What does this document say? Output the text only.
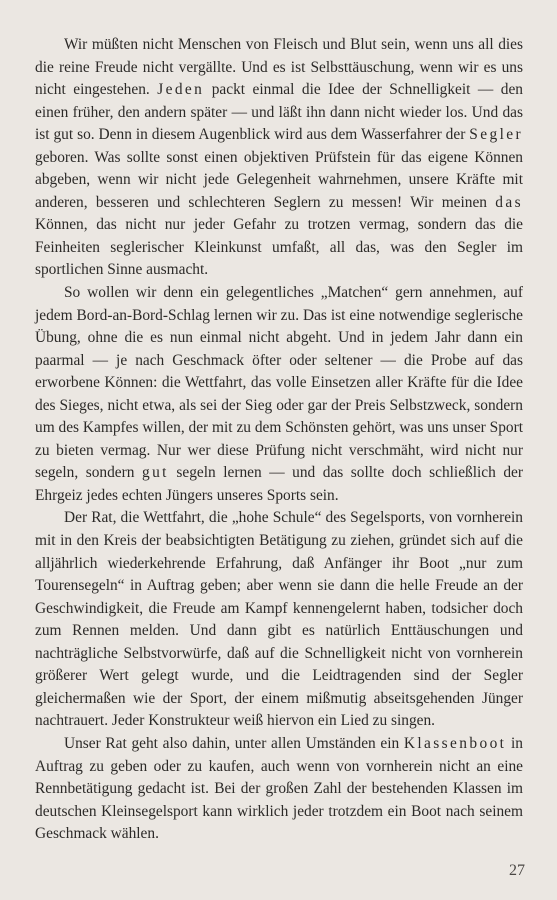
Wir müßten nicht Menschen von Fleisch und Blut sein, wenn uns all dies die reine Freude nicht vergällte. Und es ist Selbsttäuschung, wenn wir es uns nicht eingestehen. Jeden packt einmal die Idee der Schnelligkeit — den einen früher, den andern später — und läßt ihn dann nicht wieder los. Und das ist gut so. Denn in diesem Augenblick wird aus dem Wasserfahrer der Segler geboren. Was sollte sonst einen objektiven Prüfstein für das eigene Können abgeben, wenn wir nicht jede Gelegenheit wahrnehmen, unsere Kräfte mit anderen, besseren und schlechteren Seglern zu messen! Wir meinen das Können, das nicht nur jeder Gefahr zu trotzen vermag, sondern das die Feinheiten seglerischer Kleinkunst umfaßt, all das, was den Segler im sportlichen Sinne ausmacht.

So wollen wir denn ein gelegentliches „Matchen“ gern annehmen, auf jedem Bord-an-Bord-Schlag lernen wir zu. Das ist eine notwendige seglerische Übung, ohne die es nun einmal nicht abgeht. Und in jedem Jahr dann ein paarmal — je nach Geschmack öfter oder seltener — die Probe auf das erworbene Können: die Wettfahrt, das volle Einsetzen aller Kräfte für die Idee des Sieges, nicht etwa, als sei der Sieg oder gar der Preis Selbstzweck, sondern um des Kampfes willen, der mit zu dem Schönsten gehört, was uns unser Sport zu bieten vermag. Nur wer diese Prüfung nicht verschmäht, wird nicht nur segeln, sondern gut segeln lernen — und das sollte doch schließlich der Ehrgeiz jedes echten Jüngers unseres Sports sein.

Der Rat, die Wettfahrt, die „hohe Schule“ des Segelsports, von vornherein mit in den Kreis der beabsichtigten Betätigung zu ziehen, gründet sich auf die alljährlich wiederkehrende Erfahrung, daß Anfänger ihr Boot „nur zum Tourensegeln“ in Auftrag geben; aber wenn sie dann die helle Freude an der Geschwindigkeit, die Freude am Kampf kennengelernt haben, todsicher doch zum Rennen melden. Und dann gibt es natürlich Enttäuschungen und nachträgliche Selbstvorwürfe, daß auf die Schnelligkeit nicht von vornherein größerer Wert gelegt wurde, und die Leidtragenden sind der Segler gleichermaßen wie der Sport, der einem mißmutig abseitsgehenden Jünger nachtrauert. Jeder Konstrukteur weiß hiervon ein Lied zu singen.

Unser Rat geht also dahin, unter allen Umständen ein Klassenboot in Auftrag zu geben oder zu kaufen, auch wenn von vornherein nicht an eine Rennbetätigung gedacht ist. Bei der großen Zahl der bestehenden Klassen im deutschen Kleinsegelsport kann wirklich jeder trotzdem ein Boot nach seinem Geschmack wählen.

27
